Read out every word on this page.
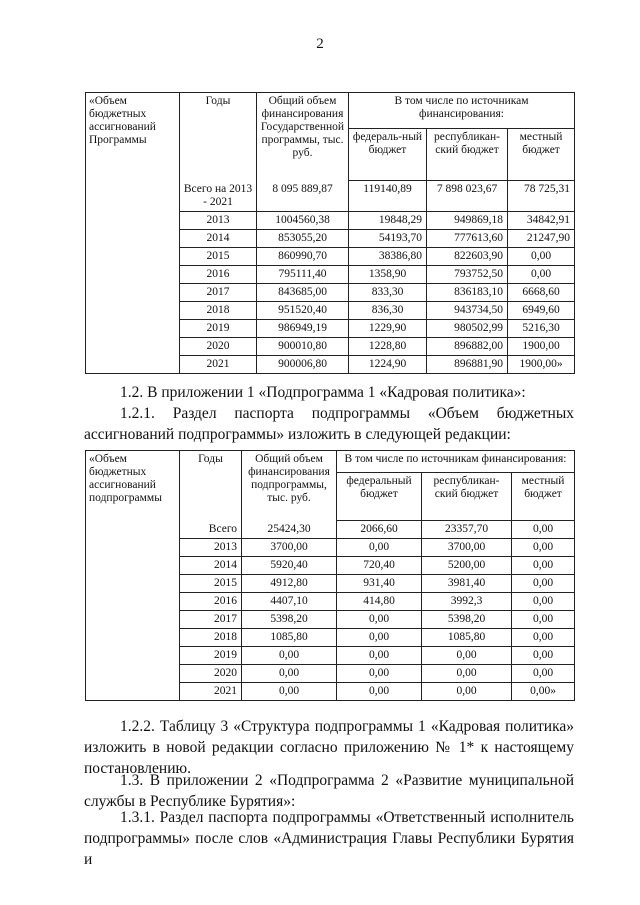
2
«Объем бюджетных ассигнований Программы	Годы	Общий объем финансирования Государственной программы, тыс. руб.	В том числе по источникам финансирования:		
			федераль-ный бюджет	республикан-ский бюджет	местный бюджет
	Всего на 2013 - 2021	8 095 889,87	119140,89	7 898 023,67	78 725,31
	2013	1004560,38	19848,29	949869,18	34842,91
	2014	853055,20	54193,70	777613,60	21247,90
	2015	860990,70	38386,80	822603,90	0,00
	2016	795111,40	1358,90	793752,50	0,00
	2017	843685,00	833,30	836183,10	6668,60
	2018	951520,40	836,30	943734,50	6949,60
	2019	986949,19	1229,90	980502,99	5216,30
	2020	900010,80	1228,80	896882,00	1900,00
	2021	900006,80	1224,90	896881,90	1900,00»

1.2. В приложении 1 «Подпрограмма 1 «Кадровая политика»:

1.2.1. Раздел паспорта подпрограммы «Объем бюджетных ассигнований подпрограммы» изложить в следующей редакции:

«Объем бюджетных ассигнований подпрограммы	Годы	Общий объем финансирования подпрограммы, тыс. руб.	В том числе по источникам финансирования:		
			федеральный бюджет	республикан-ский бюджет	местный бюджет
	Всего	25424,30	2066,60	23357,70	0,00
	2013	3700,00	0,00	3700,00	0,00
	2014	5920,40	720,40	5200,00	0,00
	2015	4912,80	931,40	3981,40	0,00
	2016	4407,10	414,80	3992,3	0,00
	2017	5398,20	0,00	5398,20	0,00
	2018	1085,80	0,00	1085,80	0,00
	2019	0,00	0,00	0,00	0,00
	2020	0,00	0,00	0,00	0,00
	2021	0,00	0,00	0,00	0,00»

1.2.2. Таблицу 3 «Структура подпрограммы 1 «Кадровая политика» изложить в новой редакции согласно приложению № 1* к настоящему постановлению.

1.3. В приложении 2 «Подпрограмма 2 «Развитие муниципальной службы в Республике Бурятия»:

1.3.1. Раздел паспорта подпрограммы «Ответственный исполнитель подпрограммы» после слов «Администрация Главы Республики Бурятия и
